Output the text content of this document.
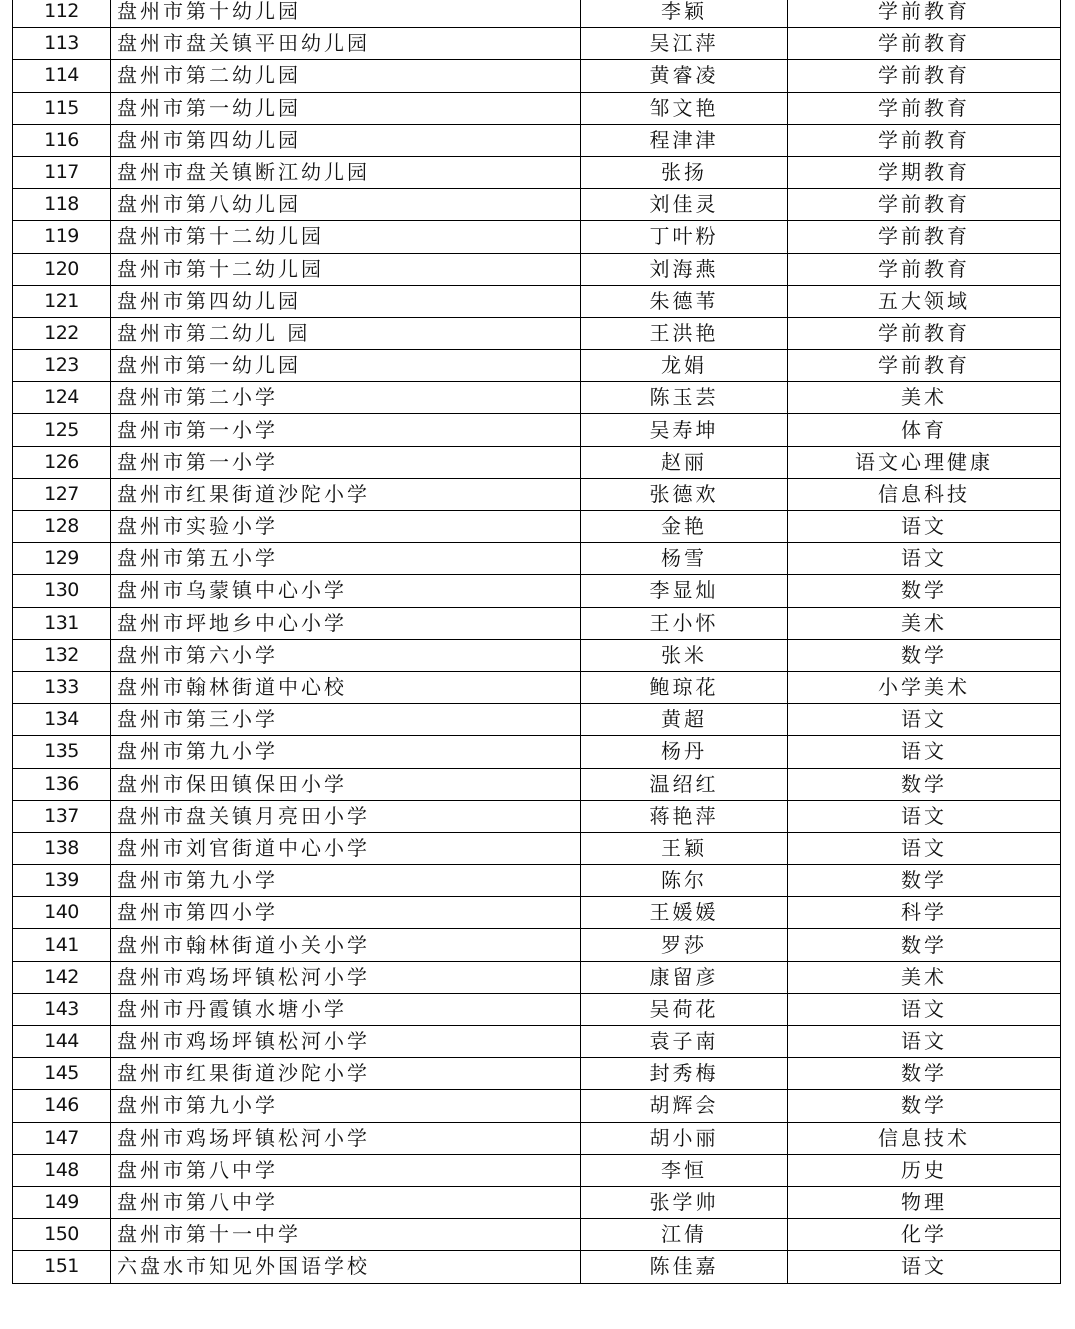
112	盘州市第十幼儿园	李颖	学前教育
113	盘州市盘关镇平田幼儿园	吴江萍	学前教育
114	盘州市第二幼儿园	黄睿凌	学前教育
115	盘州市第一幼儿园	邹文艳	学前教育
116	盘州市第四幼儿园	程津津	学前教育
117	盘州市盘关镇断江幼儿园	张扬	学期教育
118	盘州市第八幼儿园	刘佳灵	学前教育
119	盘州市第十二幼儿园	丁叶粉	学前教育
120	盘州市第十二幼儿园	刘海燕	学前教育
121	盘州市第四幼儿园	朱德苇	五大领域
122	盘州市第二幼儿 园	王洪艳	学前教育
123	盘州市第一幼儿园	龙娟	学前教育
124	盘州市第二小学	陈玉芸	美术
125	盘州市第一小学	吴寿坤	体育
126	盘州市第一小学	赵丽	语文心理健康
127	盘州市红果街道沙陀小学	张德欢	信息科技
128	盘州市实验小学	金艳	语文
129	盘州市第五小学	杨雪	语文
130	盘州市乌蒙镇中心小学	李显灿	数学
131	盘州市坪地乡中心小学	王小怀	美术
132	盘州市第六小学	张米	数学
133	盘州市翰林街道中心校	鲍琼花	小学美术
134	盘州市第三小学	黄超	语文
135	盘州市第九小学	杨丹	语文
136	盘州市保田镇保田小学	温绍红	数学
137	盘州市盘关镇月亮田小学	蒋艳萍	语文
138	盘州市刘官街道中心小学	王颖	语文
139	盘州市第九小学	陈尔	数学
140	盘州市第四小学	王媛媛	科学
141	盘州市翰林街道小关小学	罗莎	数学
142	盘州市鸡场坪镇松河小学	康留彦	美术
143	盘州市丹霞镇水塘小学	吴荷花	语文
144	盘州市鸡场坪镇松河小学	袁子南	语文
145	盘州市红果街道沙陀小学	封秀梅	数学
146	盘州市第九小学	胡辉会	数学
147	盘州市鸡场坪镇松河小学	胡小丽	信息技术
148	盘州市第八中学	李恒	历史
149	盘州市第八中学	张学帅	物理
150	盘州市第十一中学	江倩	化学
151	六盘水市知见外国语学校	陈佳嘉	语文
